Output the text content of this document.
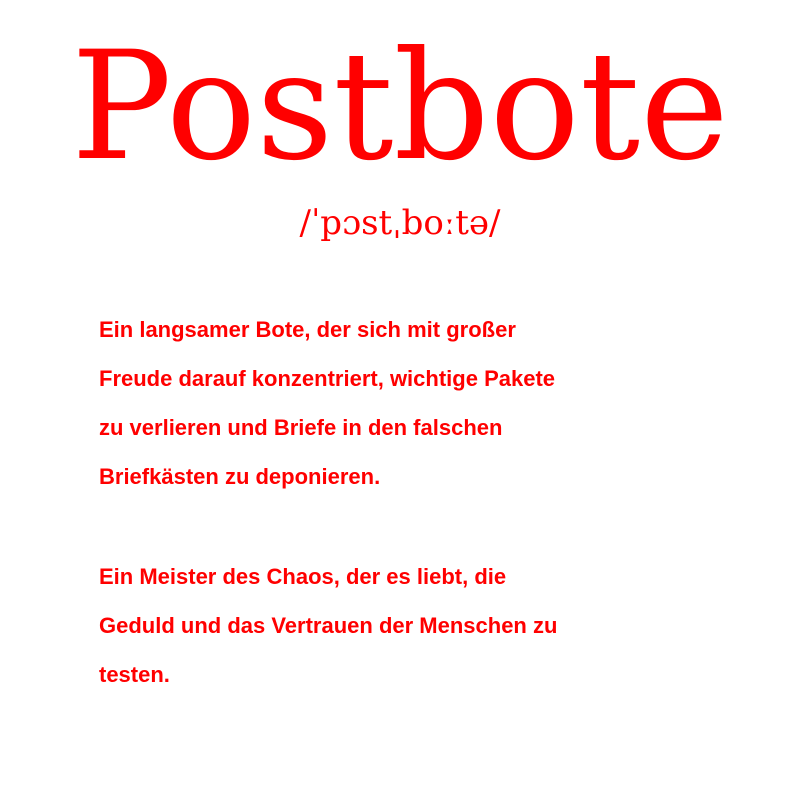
Postbote
/ˈpɔstˌboːtə/

Ein langsamer Bote, der sich mit großer
Freude darauf konzentriert, wichtige Pakete
zu verlieren und Briefe in den falschen
Briefkästen zu deponieren.

Ein Meister des Chaos, der es liebt, die
Geduld und das Vertrauen der Menschen zu
testen.
